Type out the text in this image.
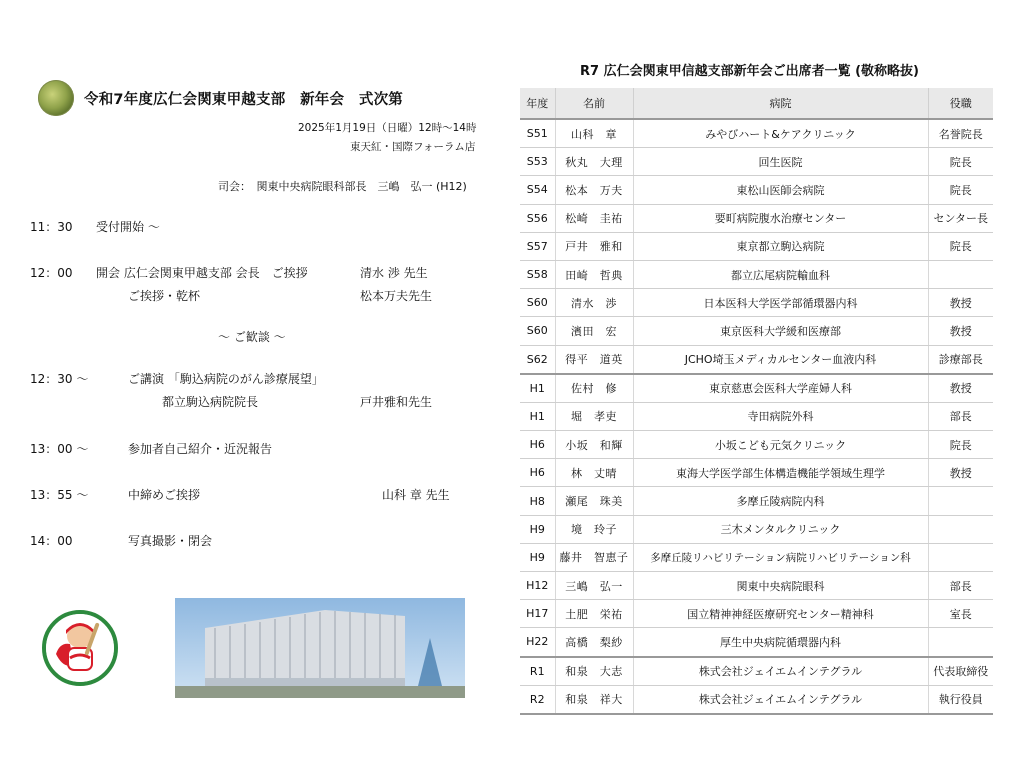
令和7年度広仁会関東甲越支部　新年会　式次第
2025年1月19日（日曜）12時〜14時
東天紅・国際フォーラム店
司会：　関東中央病院眼科部長　三嶋　弘一 (H12)
11：30 受付開始 〜
12：00 開会 広仁会関東甲越支部 会長　ご挨拶	清水 渉 先生
ご挨拶・乾杯	松本万夫先生
〜 ご歓談 〜
12：30 〜	ご講演 「駒込病院のがん診療展望」
都立駒込病院院長	戸井雅和先生
13：00 〜	参加者自己紹介・近況報告
13：55 〜	中締めご挨拶	山科 章 先生
14：00	写真撮影・閉会
R7 広仁会関東甲信越支部新年会ご出席者一覧 (敬称略抜)
年度	名前	病院	役職
S51	山科　章	みやびハート&ケアクリニック	名誉院長
S53	秋丸　大理	回生医院	院長
S54	松本　万夫	東松山医師会病院	院長
S56	松崎　圭祐	要町病院腹水治療センター	センター長
S57	戸井　雅和	東京都立駒込病院	院長
S58	田崎　哲典	都立広尾病院輸血科	
S60	清水　渉	日本医科大学医学部循環器内科	教授
S60	濱田　宏	東京医科大学緩和医療部	教授
S62	得平　道英	JCHO埼玉メディカルセンター血液内科	診療部長
H1	佐村　修	東京慈恵会医科大学産婦人科	教授
H1	堀　孝吏	寺田病院外科	部長
H6	小坂　和輝	小坂こども元気クリニック	院長
H6	林　丈晴	東海大学医学部生体構造機能学領域生理学	教授
H8	瀬尾　珠美	多摩丘陵病院内科	
H9	境　玲子	三木メンタルクリニック	
H9	藤井　智恵子	多摩丘陵リハビリテーション病院リハビリテーション科	
H12	三嶋　弘一	関東中央病院眼科	部長
H17	土肥　栄祐	国立精神神経医療研究センター精神科	室長
H22	高橋　梨紗	厚生中央病院循環器内科	
R1	和泉　大志	株式会社ジェイエムインテグラル	代表取締役
R2	和泉　祥大	株式会社ジェイエムインテグラル	執行役員
